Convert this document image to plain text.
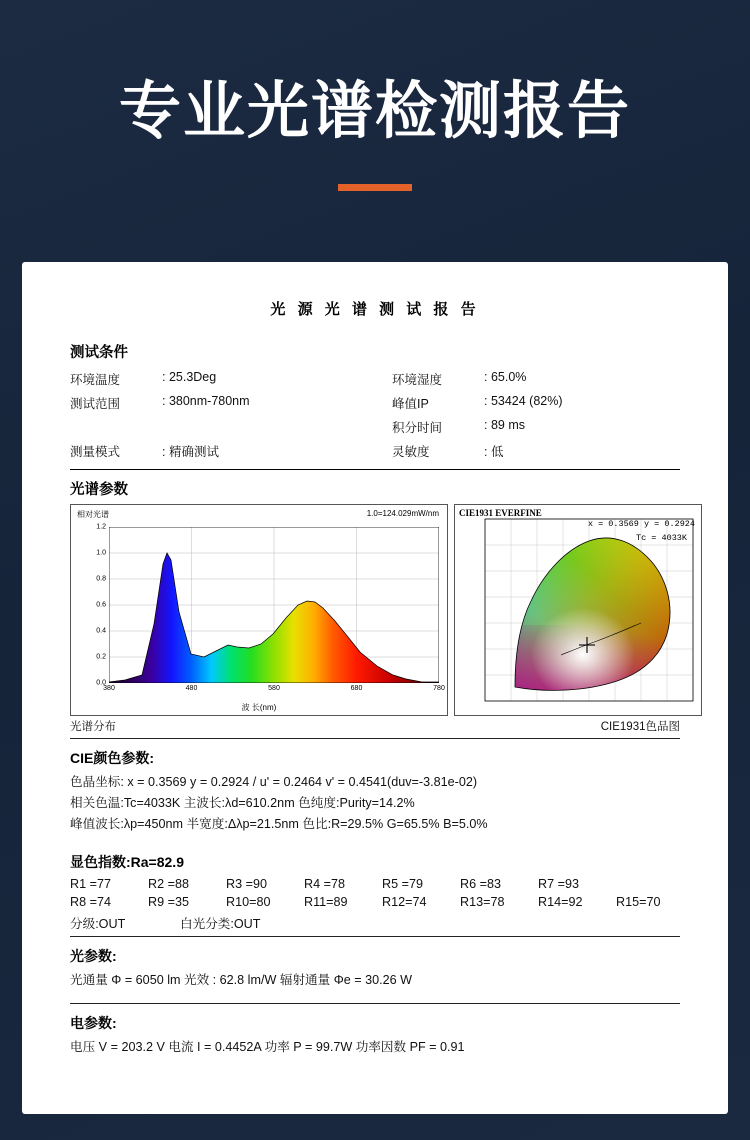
专业光谱检测报告
光 源 光 谱 测 试 报 告
测试条件
环境温度	: 25.3Deg	环境湿度	: 65.0%
测试范围	: 380nm-780nm	峰值IP	: 53424 (82%)
		积分时间	: 89 ms
测量模式	: 精确测试	灵敏度	: 低
光谱参数
相对光谱	1.0=124.029mW/nm
1.2
1.0
0.8
0.6
0.4
0.2
0.0
380	480	580	680	780
波 长(nm)
CIE1931 EVERFINE
x = 0.3569 y = 0.2924
Tc = 4033K
光谱分布	CIE1931色品图
CIE颜色参数:
色晶坐标: x = 0.3569 y = 0.2924 / u' = 0.2464 v' = 0.4541(duv=-3.81e-02)
相关色温:Tc=4033K 主波长:λd=610.2nm 色纯度:Purity=14.2%
峰值波长:λp=450nm 半宽度:Δλp=21.5nm 色比:R=29.5% G=65.5% B=5.0%
显色指数:Ra=82.9
R1 =77	R2 =88	R3 =90	R4 =78	R5 =79	R6 =83	R7 =93
R8 =74	R9 =35	R10=80	R11=89	R12=74	R13=78	R14=92	R15=70
分级:OUT	白光分类:OUT
光参数:
光通量 Φ = 6050 lm 光效 : 62.8 lm/W 辐射通量 Φe = 30.26 W
电参数:
电压 V = 203.2 V 电流 I = 0.4452A 功率 P = 99.7W 功率因数 PF = 0.91
